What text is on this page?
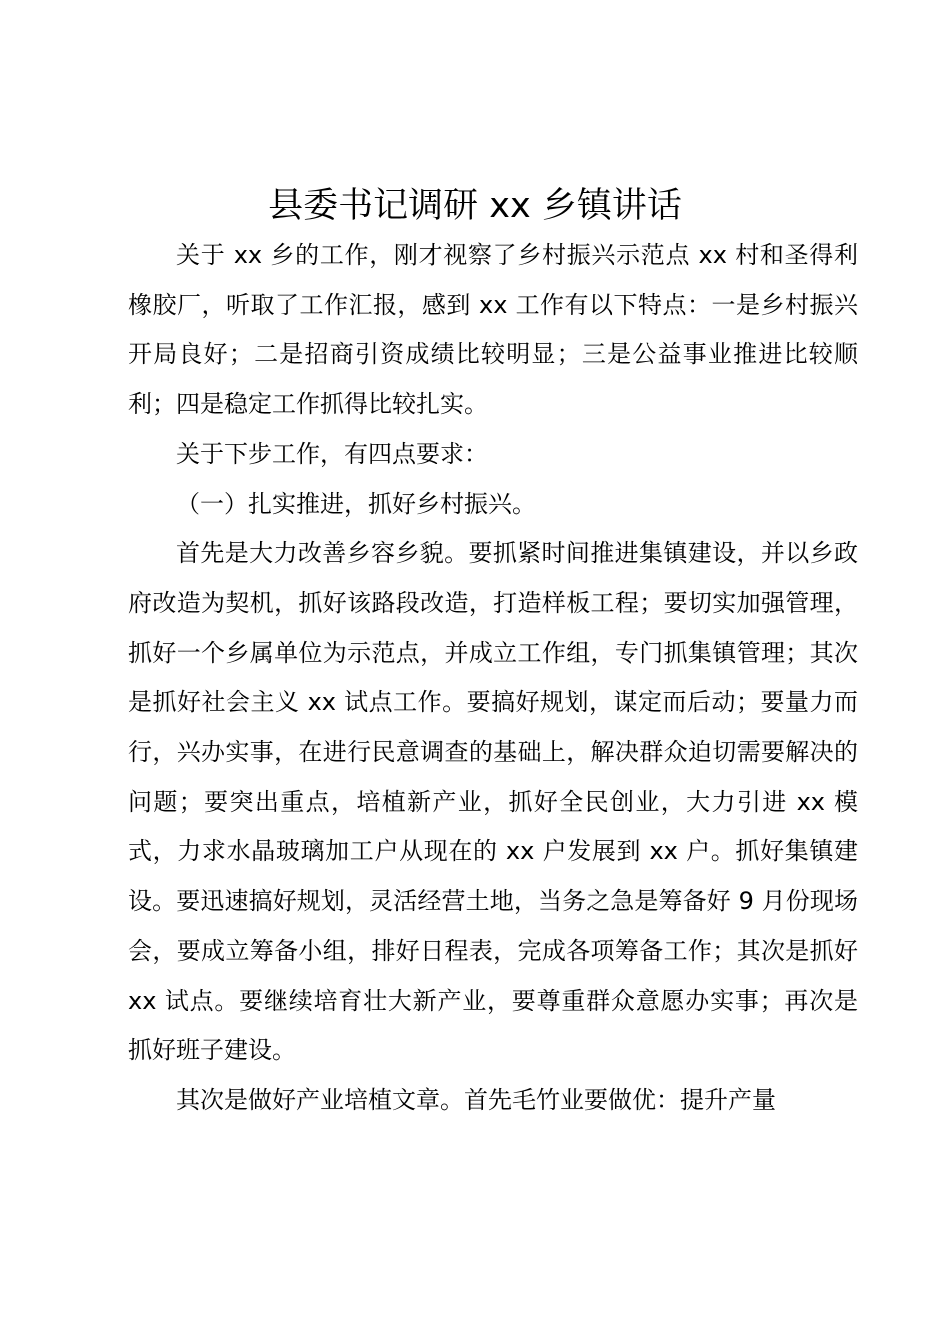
县委书记调研 xx 乡镇讲话

关于 xx 乡的工作，刚才视察了乡村振兴示范点 xx 村和圣得利橡胶厂，听取了工作汇报，感到 xx 工作有以下特点：一是乡村振兴开局良好；二是招商引资成绩比较明显；三是公益事业推进比较顺利；四是稳定工作抓得比较扎实。

关于下步工作，有四点要求：

（一）扎实推进，抓好乡村振兴。

首先是大力改善乡容乡貌。要抓紧时间推进集镇建设，并以乡政府改造为契机，抓好该路段改造，打造样板工程；要切实加强管理，抓好一个乡属单位为示范点，并成立工作组，专门抓集镇管理；其次是抓好社会主义 xx 试点工作。要搞好规划，谋定而后动；要量力而行，兴办实事，在进行民意调查的基础上，解决群众迫切需要解决的问题；要突出重点，培植新产业，抓好全民创业，大力引进 xx 模式，力求水晶玻璃加工户从现在的 xx 户发展到 xx 户。抓好集镇建设。要迅速搞好规划，灵活经营土地，当务之急是筹备好 9 月份现场会，要成立筹备小组，排好日程表，完成各项筹备工作；其次是抓好 xx 试点。要继续培育壮大新产业，要尊重群众意愿办实事；再次是抓好班子建设。

其次是做好产业培植文章。首先毛竹业要做优：提升产量
